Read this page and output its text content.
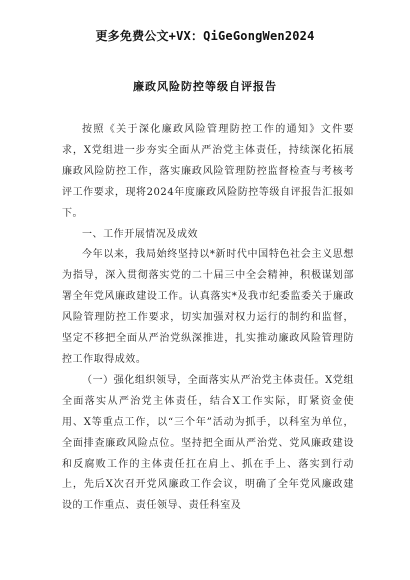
更多免费公文+VX：QiGeGongWen2024
廉政风险防控等级自评报告

按照《关于深化廉政风险管理防控工作的通知》文件要求，X党组进一步夯实全面从严治党主体责任，持续深化拓展廉政风险防控工作，落实廉政风险管理防控监督检查与考核考评工作要求，现将2024年度廉政风险防控等级自评报告汇报如下。

一、工作开展情况及成效

今年以来，我局始终坚持以*新时代中国特色社会主义思想为指导，深入贯彻落实党的二十届三中全会精神，积极谋划部署全年党风廉政建设工作。认真落实*及我市纪委监委关于廉政风险管理防控工作要求，切实加强对权力运行的制约和监督，坚定不移把全面从严治党纵深推进，扎实推动廉政风险管理防控工作取得成效。

（一）强化组织领导，全面落实从严治党主体责任。X党组全面落实从严治党主体责任，结合X工作实际，盯紧资金使用、X等重点工作，以“三个年”活动为抓手，以科室为单位，全面排查廉政风险点位。坚持把全面从严治党、党风廉政建设和反腐败工作的主体责任扛在肩上、抓在手上、落实到行动上，先后X次召开党风廉政工作会议，明确了全年党风廉政建设的工作重点、责任领导、责任科室及
